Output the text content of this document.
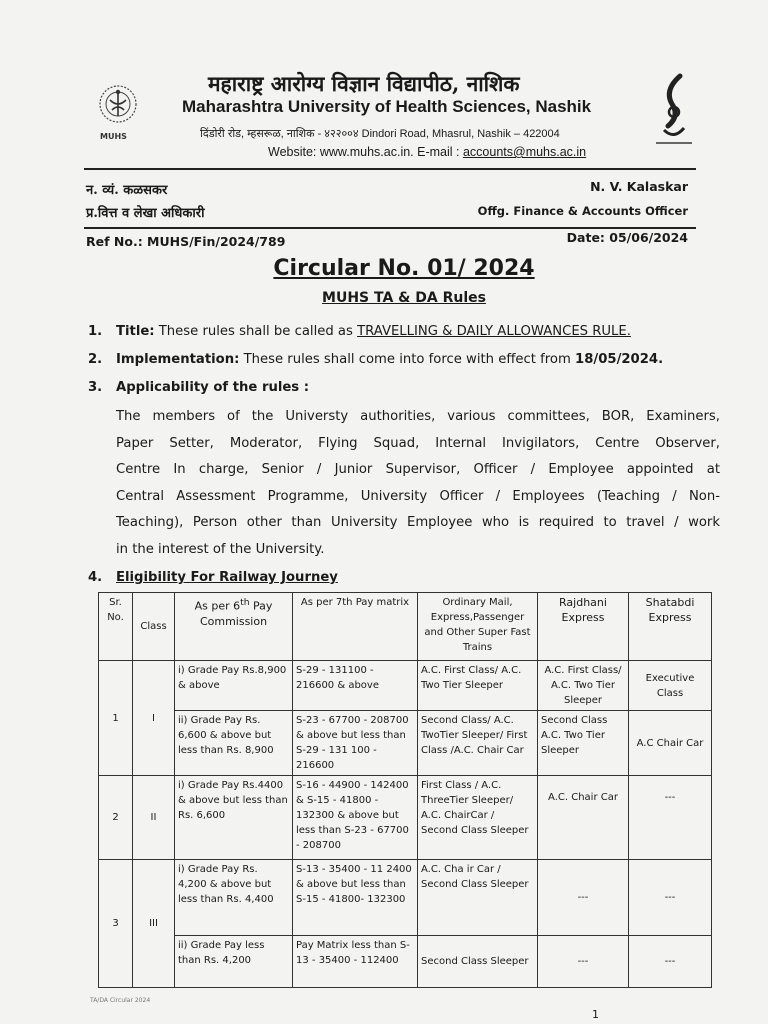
MUHS
महाराष्ट्र आरोग्य विज्ञान विद्यापीठ, नाशिक
Maharashtra University of Health Sciences, Nashik
दिंडोरी रोड, म्हसरूळ, नाशिक - ४२२००४ Dindori Road, Mhasrul, Nashik – 422004
Website: www.muhs.ac.in. E-mail : accounts@muhs.ac.in
न. व्यं. कळसकर
प्र.वित्त व लेखा अधिकारी
N. V. Kalaskar
Offg. Finance & Accounts Officer
Ref No.: MUHS/Fin/2024/789	Date: 05/06/2024
Circular No. 01/ 2024
MUHS TA & DA Rules
1. Title: These rules shall be called as TRAVELLING & DAILY ALLOWANCES RULE.
2. Implementation: These rules shall come into force with effect from 18/05/2024.
3. Applicability of the rules :
The members of the Universty authorities, various committees, BOR, Examiners,
Paper Setter, Moderator, Flying Squad, Internal Invigilators, Centre Observer,
Centre In charge, Senior / Junior Supervisor, Officer / Employee appointed at
Central Assessment Programme, University Officer / Employees (Teaching / Non-
Teaching), Person other than University Employee who is required to travel / work
in the interest of the University.
4. Eligibility For Railway Journey
Sr. No.	Class	As per 6th Pay Commission	As per 7th Pay matrix	Ordinary Mail, Express,Passenger and Other Super Fast Trains	Rajdhani Express	Shatabdi Express
1	I	i) Grade Pay Rs.8,900 & above	S-29 - 131100 - 216600 & above	A.C. First Class/ A.C. Two Tier Sleeper	A.C. First Class/ A.C. Two Tier Sleeper	Executive Class
		ii) Grade Pay Rs. 6,600 & above but less than Rs. 8,900	S-23 - 67700 - 208700 & above but less than S-29 - 131 100 - 216600	Second Class/ A.C. TwoTier Sleeper/ First Class /A.C. Chair Car	Second Class A.C. Two Tier Sleeper	A.C Chair Car
2	II	i) Grade Pay Rs.4400 & above but less than Rs. 6,600	S-16 - 44900 - 142400 & S-15 - 41800 - 132300 & above but less than S-23 - 67700 - 208700	First Class / A.C. ThreeTier Sleeper/ A.C. ChairCar / Second Class Sleeper	A.C. Chair Car	---
3	III	i) Grade Pay Rs. 4,200 & above but less than Rs. 4,400	S-13 - 35400 - 11 2400 & above but less than S-15 - 41800- 132300	A.C. Cha ir Car / Second Class Sleeper	---	---
		ii) Grade Pay less than Rs. 4,200	Pay Matrix less than S-13 - 35400 - 112400	Second Class Sleeper	---	---
TA/DA Circular 2024
1
